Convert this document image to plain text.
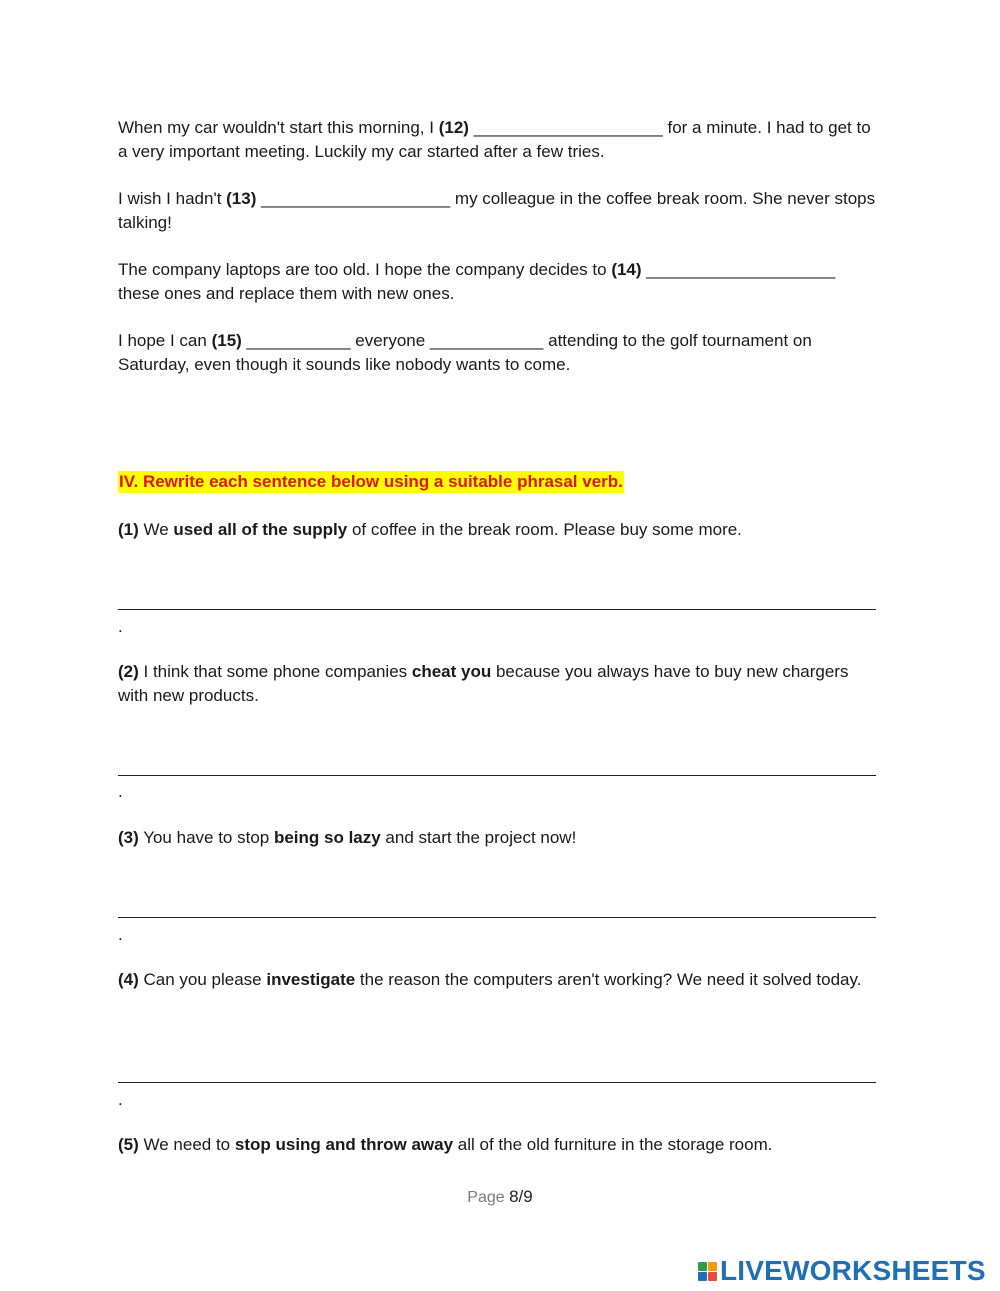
When my car wouldn't start this morning, I (12) ____________________ for a minute. I had to get to a very important meeting. Luckily my car started after a few tries.

I wish I hadn't (13) ____________________ my colleague in the coffee break room. She never stops talking!

The company laptops are too old. I hope the company decides to (14) ____________________ these ones and replace them with new ones.

I hope I can (15) ___________ everyone ____________ attending to the golf tournament on Saturday, even though it sounds like nobody wants to come.

IV. Rewrite each sentence below using a suitable phrasal verb.

(1) We used all of the supply of coffee in the break room. Please buy some more.

.

(2) I think that some phone companies cheat you because you always have to buy new chargers with new products.

.

(3) You have to stop being so lazy and start the project now!

.

(4) Can you please investigate the reason the computers aren't working? We need it solved today.

.

(5) We need to stop using and throw away all of the old furniture in the storage room.

Page 8/9
LIVEWORKSHEETS
